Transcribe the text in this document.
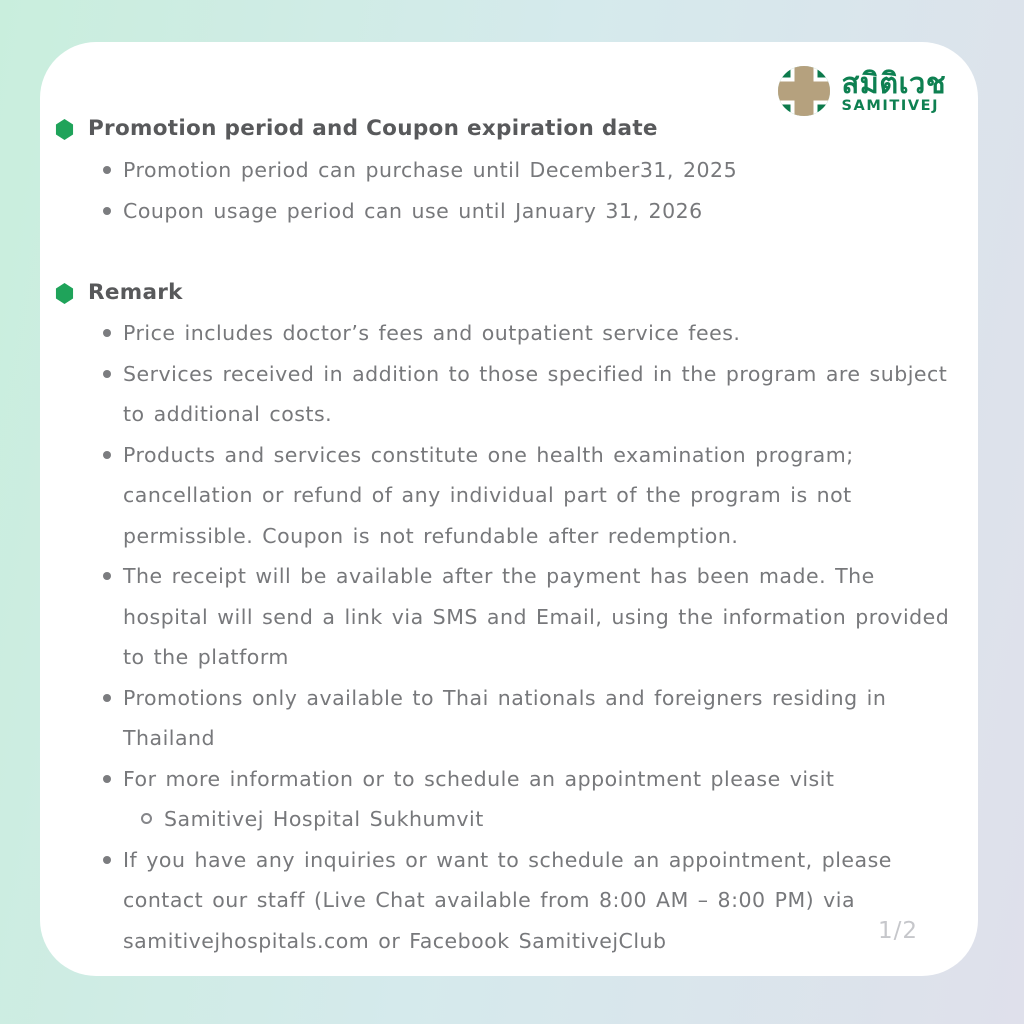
สมิติเวช
SAMITIVEJ
Promotion period and Coupon expiration date
Promotion period can purchase until December31, 2025
Coupon usage period can use until January 31, 2026
Remark
Price includes doctor’s fees and outpatient service fees.
Services received in addition to those specified in the program are subject to additional costs.
Products and services constitute one health examination program; cancellation or refund of any individual part of the program is not permissible. Coupon is not refundable after redemption.
The receipt will be available after the payment has been made. The hospital will send a link via SMS and Email, using the information provided to the platform
Promotions only available to Thai nationals and foreigners residing in Thailand
For more information or to schedule an appointment please visit
Samitivej Hospital Sukhumvit
If you have any inquiries or want to schedule an appointment, please contact our staff (Live Chat available from 8:00 AM – 8:00 PM) via samitivejhospitals.com or Facebook SamitivejClub	1/2
